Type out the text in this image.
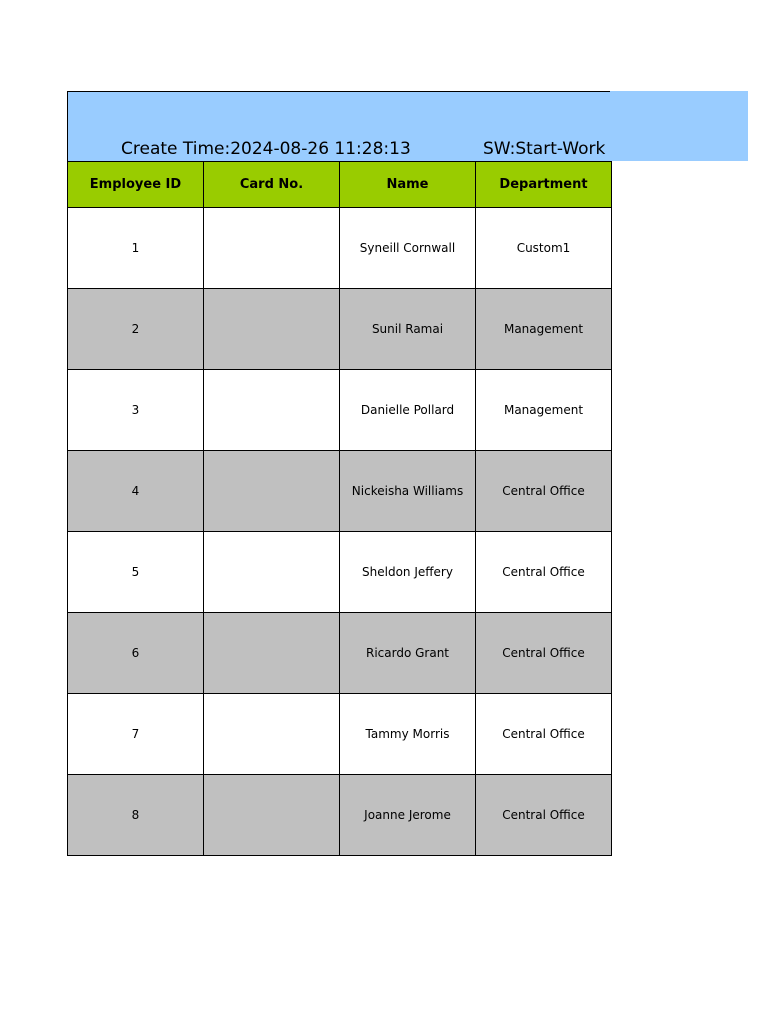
Create Time:2024-08-26 11:28:13	SW:Start-Work
Employee ID	Card No.	Name	Department
1		Syneill Cornwall	Custom1
2		Sunil Ramai	Management
3		Danielle Pollard	Management
4		Nickeisha Williams	Central Office
5		Sheldon Jeffery	Central Office
6		Ricardo Grant	Central Office
7		Tammy Morris	Central Office
8		Joanne Jerome	Central Office
